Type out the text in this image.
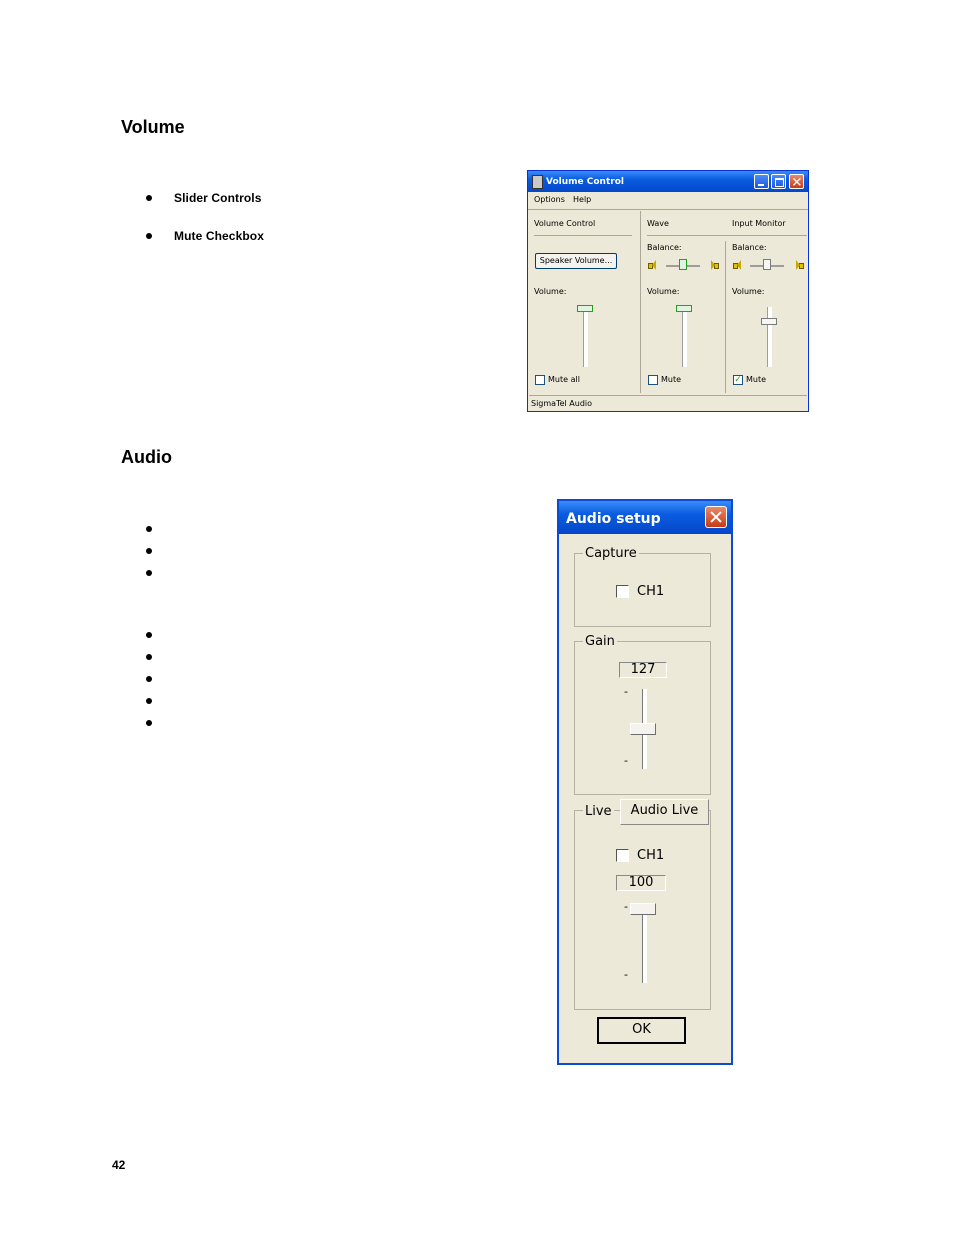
Volume
Slider Controls
Mute Checkbox
Volume Control
Options Help
Volume Control
Speaker Volume...
Volume:
Mute all
Wave
Balance:
Volume:
Mute
Input Monitor
Balance:
Volume:
✓ Mute
SigmaTel Audio
Audio
Audio setup
Capture
CH1
Gain
127
-
-
Live	Audio Live
CH1
100
-
-
OK
42
